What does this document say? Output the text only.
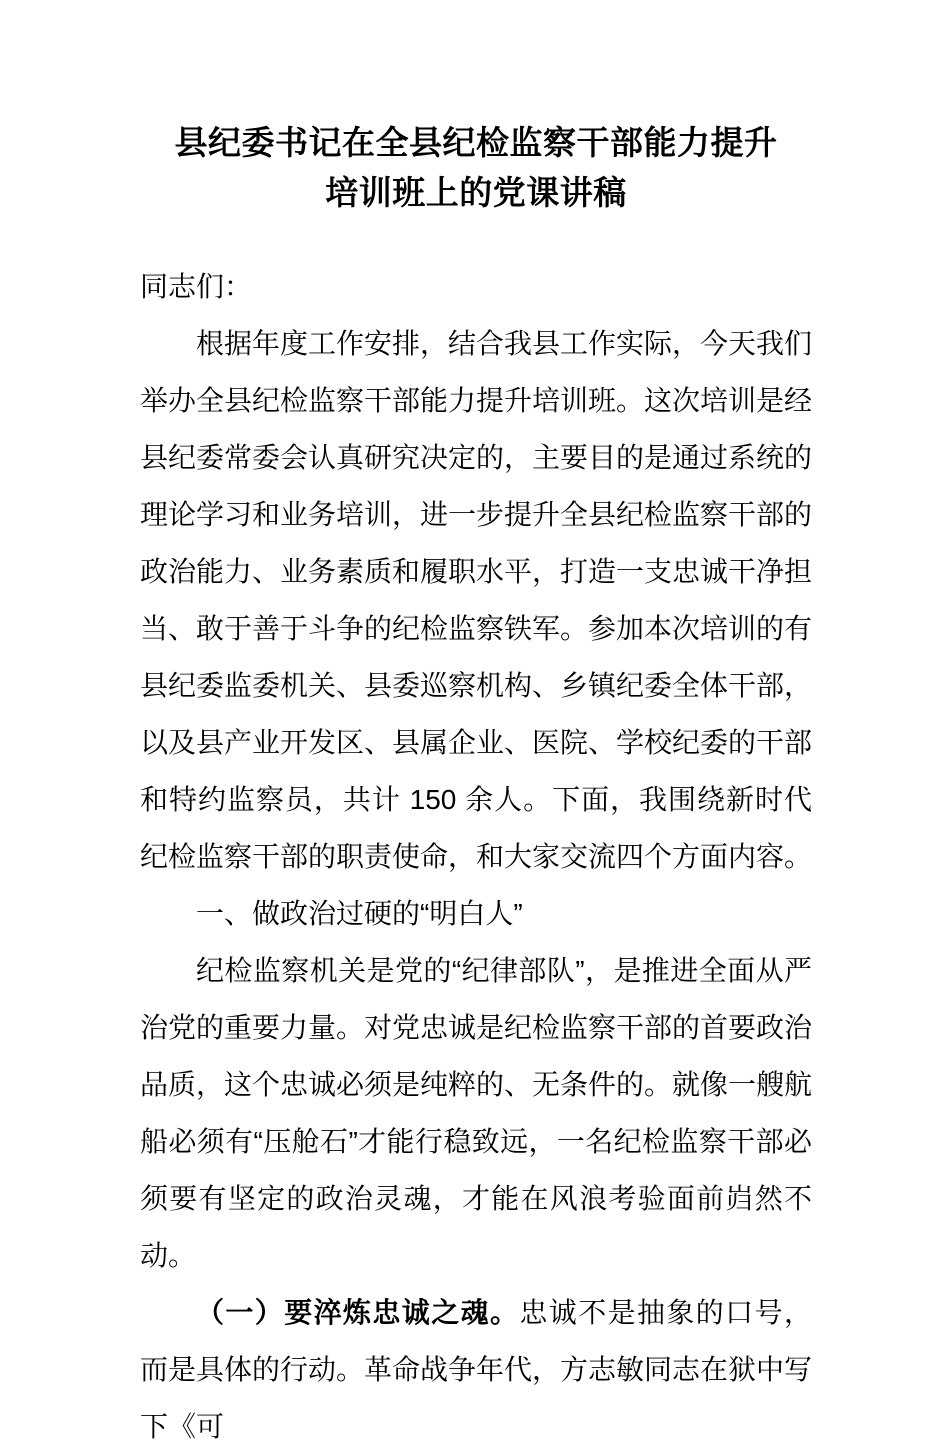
县纪委书记在全县纪检监察干部能力提升
培训班上的党课讲稿

同志们：

根据年度工作安排，结合我县工作实际，今天我们举办全县纪检监察干部能力提升培训班。这次培训是经县纪委常委会认真研究决定的，主要目的是通过系统的理论学习和业务培训，进一步提升全县纪检监察干部的政治能力、业务素质和履职水平，打造一支忠诚干净担当、敢于善于斗争的纪检监察铁军。参加本次培训的有县纪委监委机关、县委巡察机构、乡镇纪委全体干部，以及县产业开发区、县属企业、医院、学校纪委的干部和特约监察员，共计 150 余人。下面，我围绕新时代纪检监察干部的职责使命，和大家交流四个方面内容。

一、做政治过硬的“明白人”

纪检监察机关是党的“纪律部队”，是推进全面从严治党的重要力量。对党忠诚是纪检监察干部的首要政治品质，这个忠诚必须是纯粹的、无条件的。就像一艘航船必须有“压舱石”才能行稳致远，一名纪检监察干部必须要有坚定的政治灵魂，才能在风浪考验面前岿然不动。

（一）要淬炼忠诚之魂。忠诚不是抽象的口号，而是具体的行动。革命战争年代，方志敏同志在狱中写下《可
